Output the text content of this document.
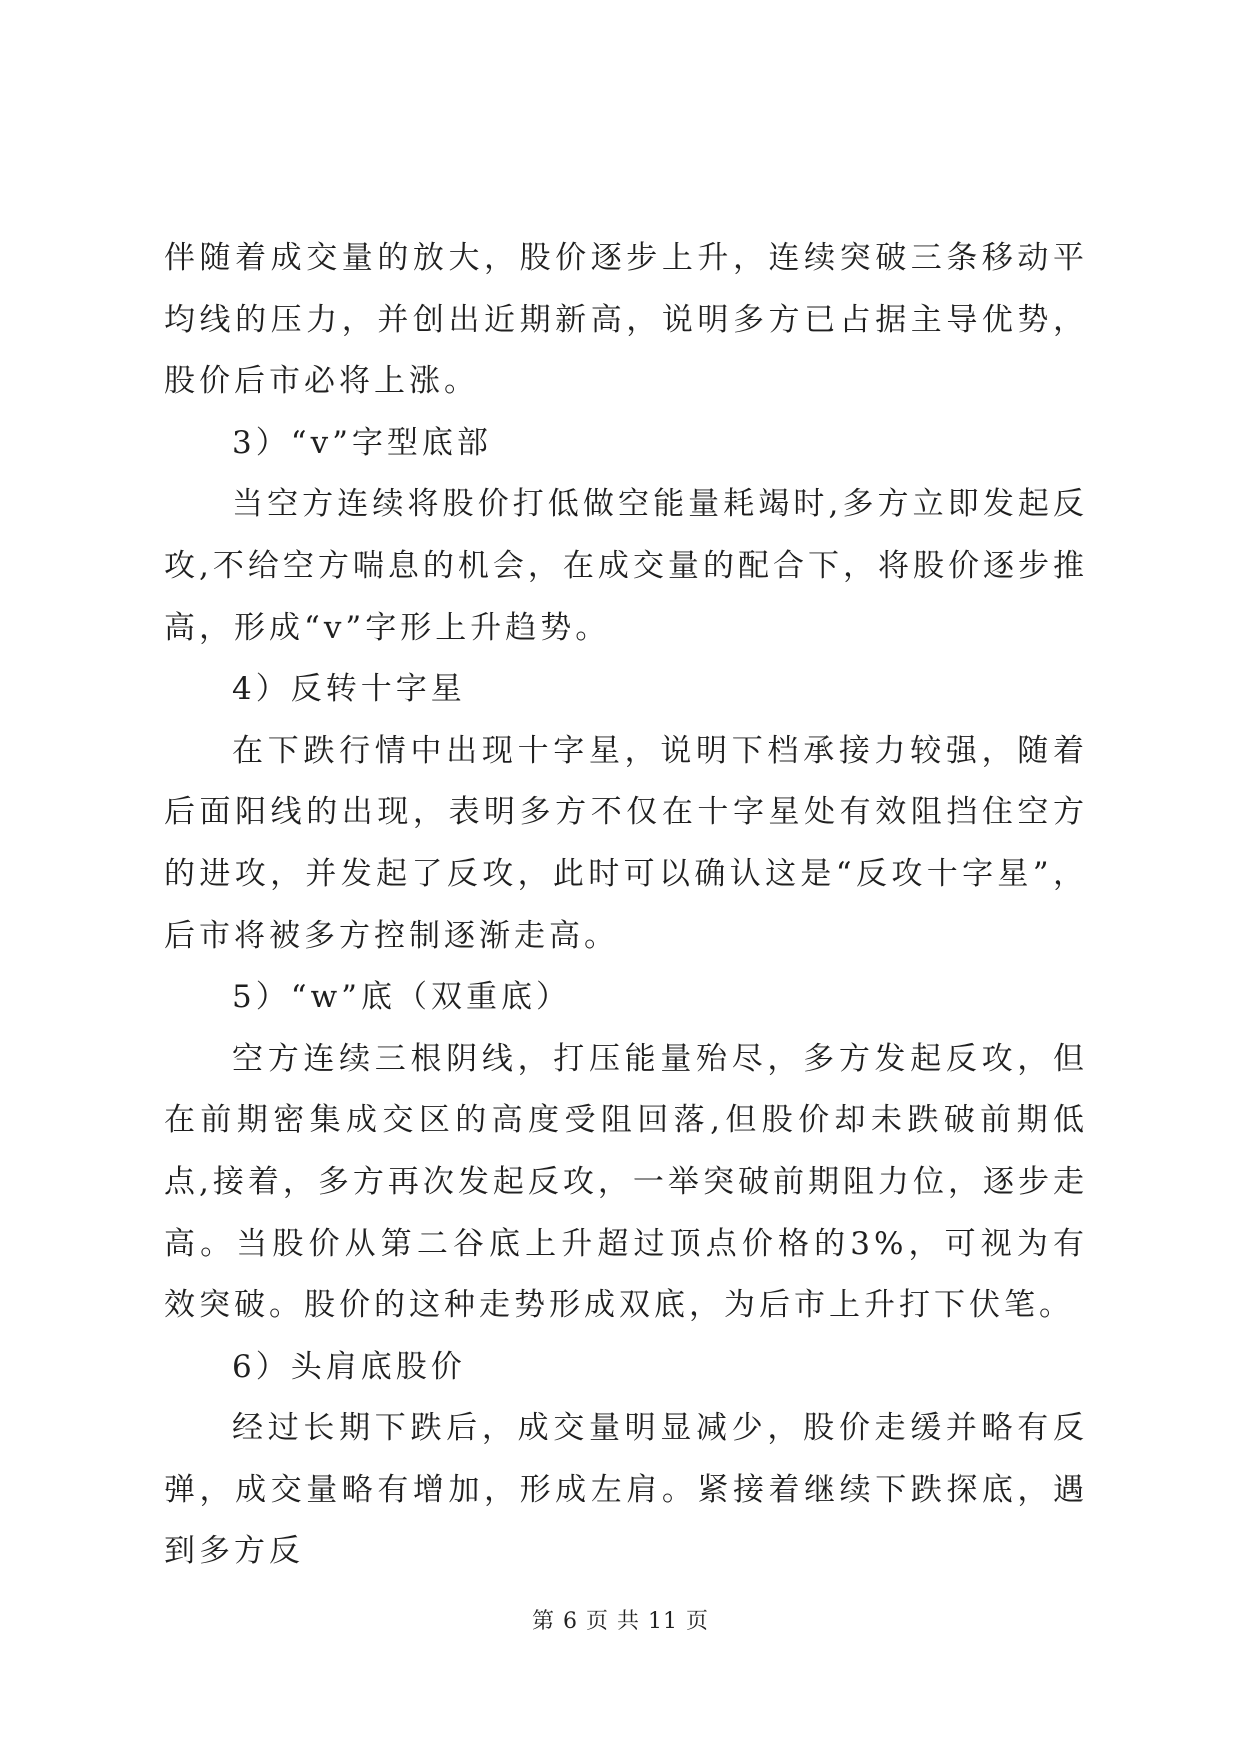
伴随着成交量的放大，股价逐步上升，连续突破三条移动平均线的压力，并创出近期新高，说明多方已占据主导优势，股价后市必将上涨。

3）“v”字型底部

当空方连续将股价打低做空能量耗竭时,多方立即发起反攻,不给空方喘息的机会，在成交量的配合下，将股价逐步推高，形成“v”字形上升趋势。

4）反转十字星

在下跌行情中出现十字星，说明下档承接力较强，随着后面阳线的出现，表明多方不仅在十字星处有效阻挡住空方的进攻，并发起了反攻，此时可以确认这是“反攻十字星”，后市将被多方控制逐渐走高。

5）“w”底（双重底）

空方连续三根阴线，打压能量殆尽，多方发起反攻，但在前期密集成交区的高度受阻回落,但股价却未跌破前期低点,接着，多方再次发起反攻，一举突破前期阻力位，逐步走高。当股价从第二谷底上升超过顶点价格的3%，可视为有效突破。股价的这种走势形成双底，为后市上升打下伏笔。

6）头肩底股价

经过长期下跌后，成交量明显减少，股价走缓并略有反弹，成交量略有增加，形成左肩。紧接着继续下跌探底，遇到多方反

第 6 页 共 11 页
